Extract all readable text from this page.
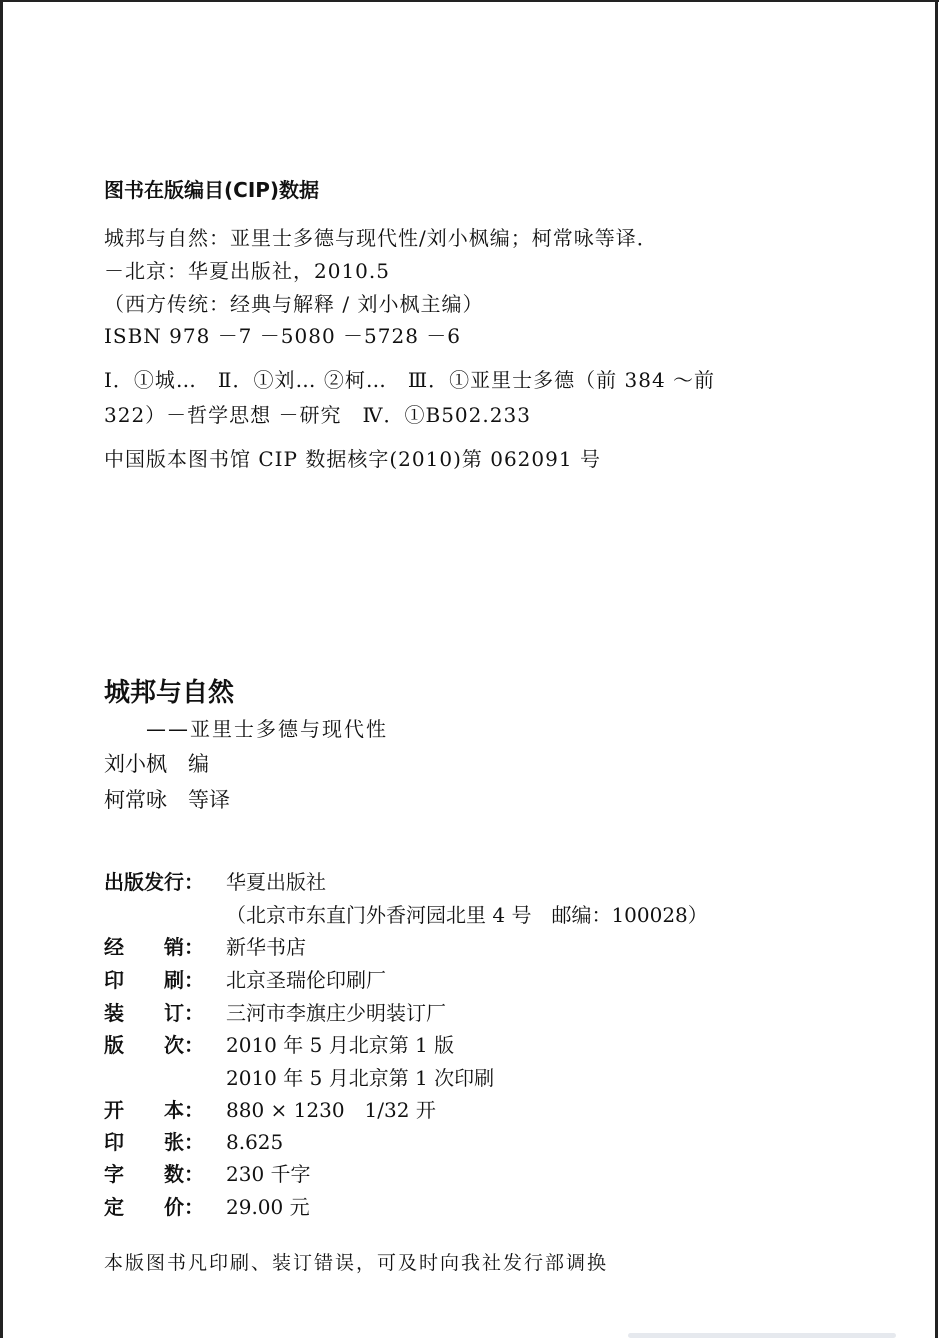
图书在版编目(CIP)数据
城邦与自然：亚里士多德与现代性/刘小枫编；柯常咏等译．
－北京：华夏出版社，2010.5
（西方传统：经典与解释 / 刘小枫主编）
ISBN 978 －7 －5080 －5728 －6
Ⅰ．①城…　Ⅱ．①刘… ②柯…　Ⅲ．①亚里士多德（前 384 ～前
322）－哲学思想 －研究　Ⅳ．①B502.233
中国版本图书馆 CIP 数据核字(2010)第 062091 号
城邦与自然
——亚里士多德与现代性
刘小枫　编
柯常咏　等译
出版发行： 华夏出版社
（北京市东直门外香河园北里 4 号　邮编：100028）
经　　销： 新华书店
印　　刷： 北京圣瑞伦印刷厂
装　　订： 三河市李旗庄少明装订厂
版　　次： 2010 年 5 月北京第 1 版
2010 年 5 月北京第 1 次印刷
开　　本： 880 × 1230　1/32 开
印　　张： 8.625
字　　数： 230 千字
定　　价： 29.00 元
本版图书凡印刷、装订错误，可及时向我社发行部调换
